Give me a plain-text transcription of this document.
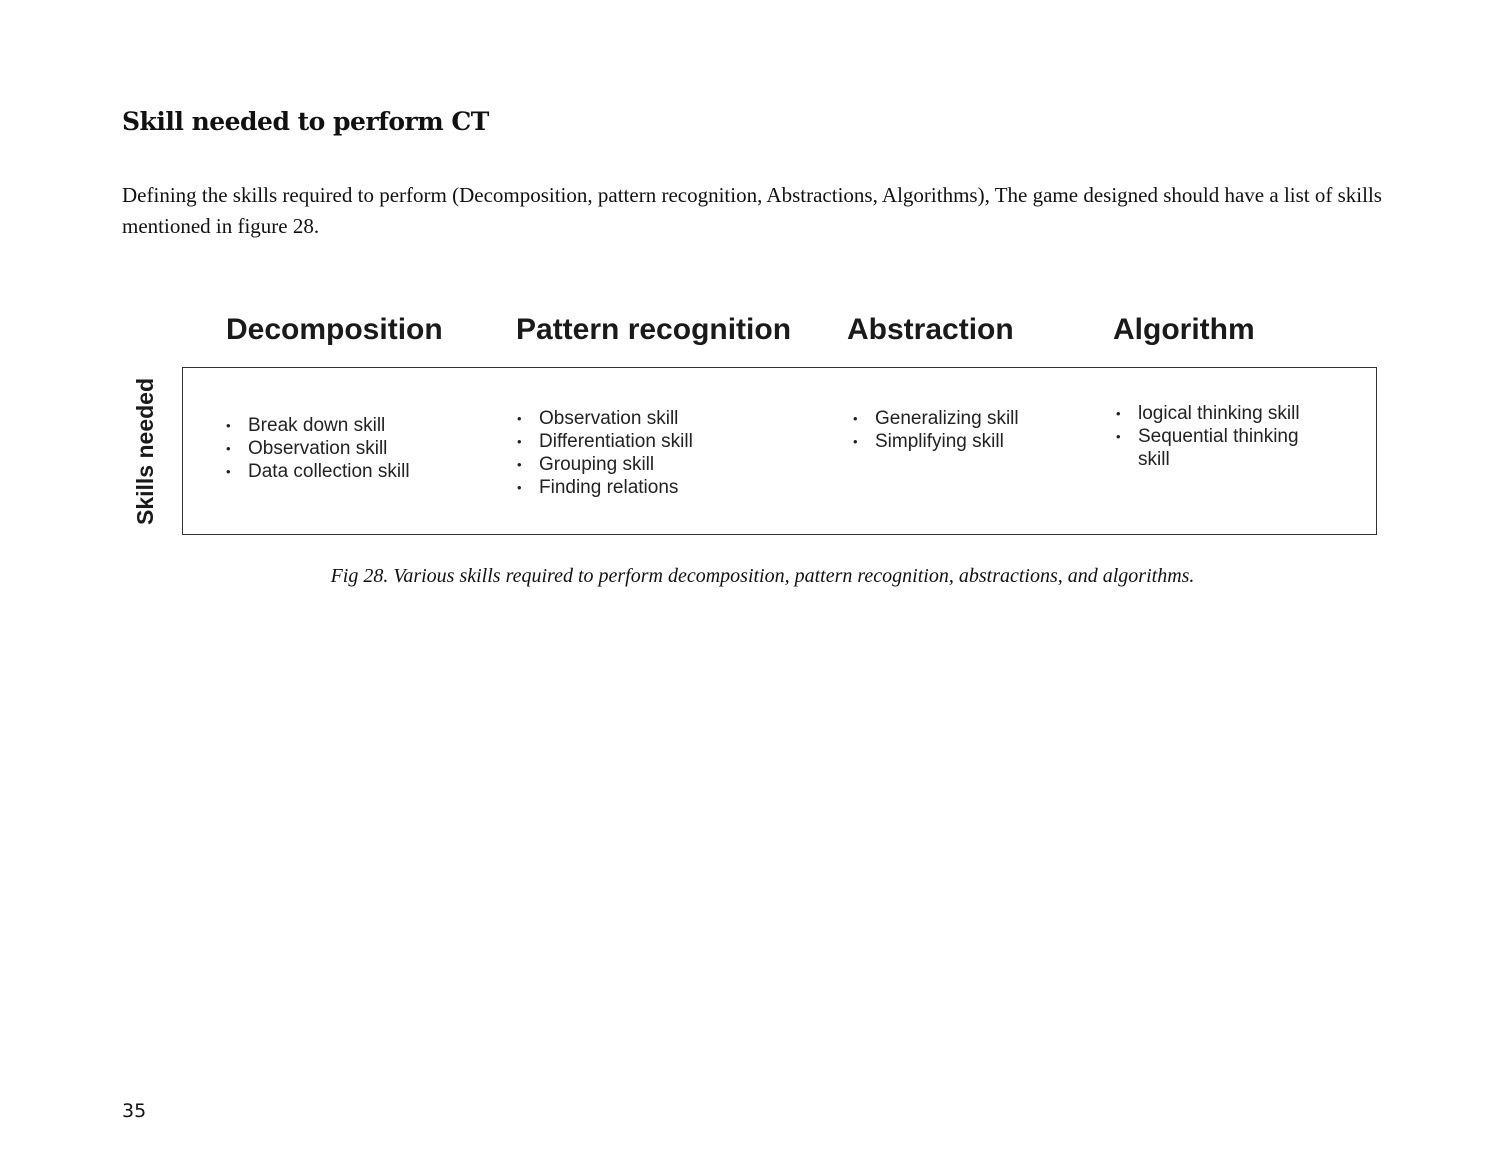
Skill needed to perform CT

Defining the skills required to perform (Decomposition, pattern recognition, Abstractions, Algorithms), The game designed should have a list of skills mentioned in figure 28.

Decomposition Pattern recognition Abstraction	Algorithm
Skills needed
•	Break down skill
• Observation skill
• Data collection skill
• Observation skill
• Differentiation skill
• Grouping skill
• Finding relations
• Generalizing skill
• Simplifying skill
• logical thinking skill
• Sequential thinking skill

Fig 28. Various skills required to perform decomposition, pattern recognition, abstractions, and algorithms.

35
